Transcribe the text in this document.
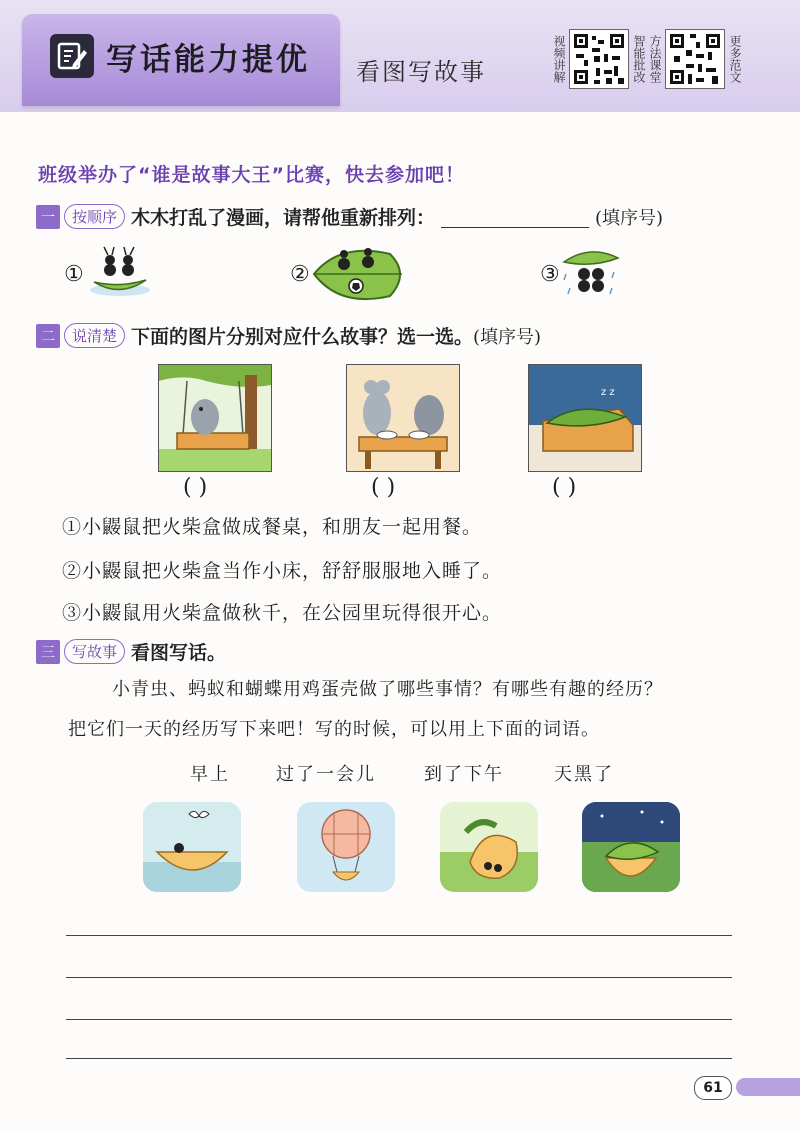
写话能力提优 看图写故事	视频讲解	智能批改 方法课堂	更多范文
班级举办了“谁是故事大王”比赛，快去参加吧！
一	按顺序 木木打乱了漫画，请帮他重新排列：	(填序号)
①	②	③
二	说清楚 下面的图片分别对应什么故事？选一选。 (填序号)
z z
( )	( )	( )
①小鼹鼠把火柴盒做成餐桌，和朋友一起用餐。
②小鼹鼠把火柴盒当作小床，舒舒服服地入睡了。
③小鼹鼠用火柴盒做秋千，在公园里玩得很开心。
三	写故事 看图写话。
小青虫、蚂蚁和蝴蝶用鸡蛋壳做了哪些事情？有哪些有趣的经历？
把它们一天的经历写下来吧！写的时候，可以用上下面的词语。
早上	过了一会儿	到了下午	天黑了
61
